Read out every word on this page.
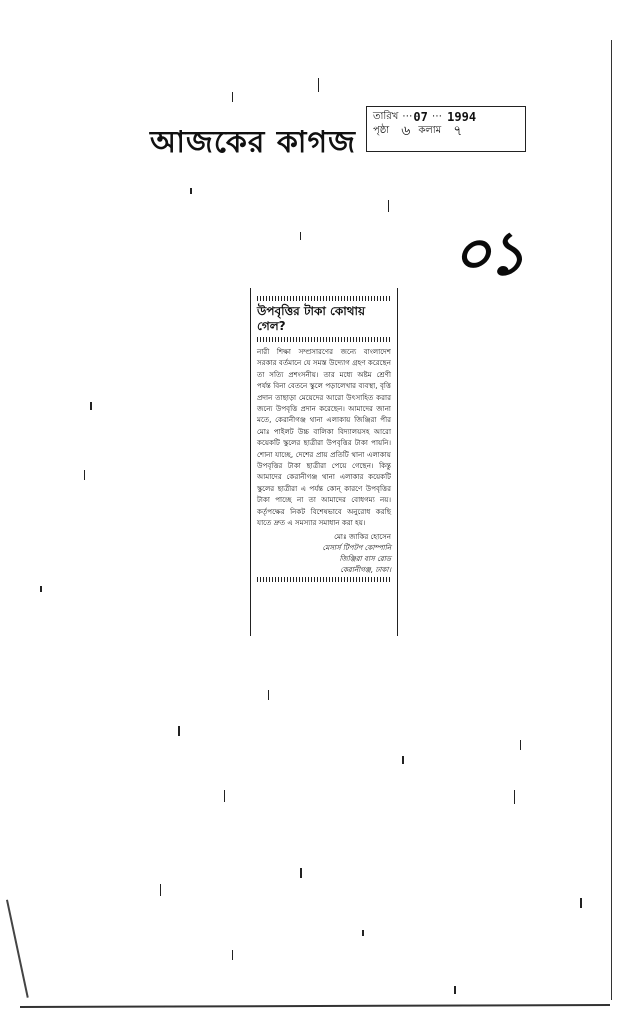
আজকের কাগজ
তারিখ ⋯ 07 ⋯ 1994
পৃষ্ঠা ৬ কলাম ৭
০১
উপবৃত্তির টাকা কোথায় গেল?
নারী শিক্ষা সম্প্রসারণের জন্যে বাংলাদেশ সরকার বর্তমানে যে সমস্ত উদ্যোগ গ্রহণ করেছেন তা সত্যি প্রশংসনীয়। তার মধ্যে অষ্টম শ্রেণী পর্যন্ত বিনা বেতনে স্কুলে পড়ালেখার ব্যবস্থা, বৃত্তি প্রদান তাছাড়া মেয়েদের আরো উৎসাহিত করার জন্যে উপবৃত্তি প্রদান করেছেন। আমাদের জানা মতে, কেরানীগঞ্জ থানা এলাকায় জিঞ্জিরা পীর মোঃ পাইলট উচ্চ বালিকা বিদ্যালয়সহ আরো কয়েকটি স্কুলের ছাত্রীরা উপবৃত্তির টাকা পায়নি। শোনা যাচ্ছে, দেশের প্রায় প্রতিটি থানা এলাকায় উপবৃত্তির টাকা ছাত্রীরা পেয়ে গেছেন। কিন্তু আমাদের কেরানীগঞ্জ থানা এলাকার কয়েকটি স্কুলের ছাত্রীরা এ পর্যন্ত কোন্ কারণে উপবৃত্তির টাকা পাচ্ছে না তা আমাদের বোধগম্য নয়। কর্তৃপক্ষের নিকট বিশেষভাবে অনুরোধ করছি যাতে দ্রুত এ সমস্যার সমাধান করা হয়।
মোঃ জাকির হোসেন
মেসার্স টিপটপ কোম্পানি
জিঞ্জিরা বাস রোড
কেরানীগঞ্জ, ঢাকা।
